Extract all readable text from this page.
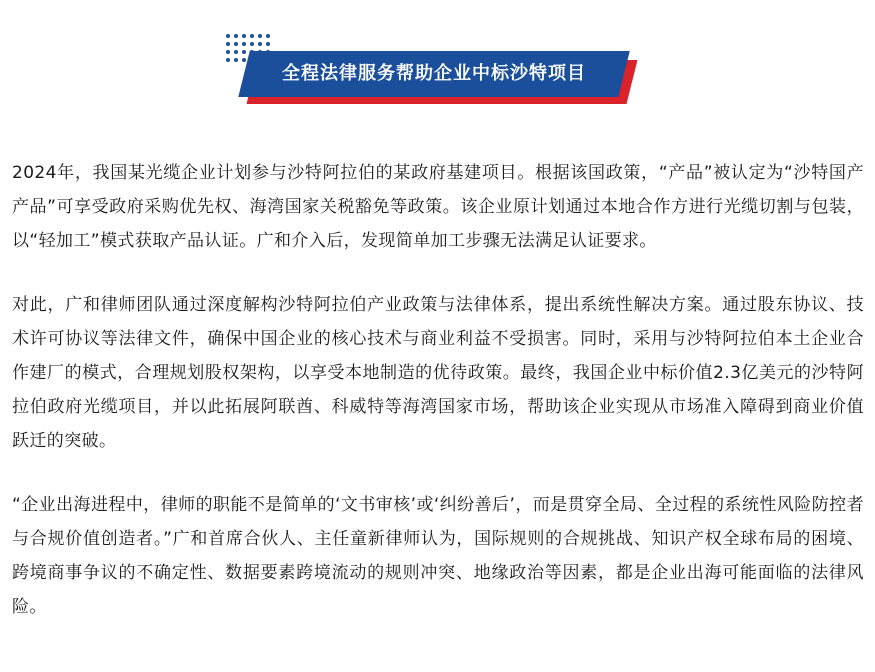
全程法律服务帮助企业中标沙特项目

2024年，我国某光缆企业计划参与沙特阿拉伯的某政府基建项目。根据该国政策，“产品”被认定为“沙特国产产品”可享受政府采购优先权、海湾国家关税豁免等政策。该企业原计划通过本地合作方进行光缆切割与包装，以“轻加工”模式获取产品认证。广和介入后，发现简单加工步骤无法满足认证要求。

对此，广和律师团队通过深度解构沙特阿拉伯产业政策与法律体系，提出系统性解决方案。通过股东协议、技术许可协议等法律文件，确保中国企业的核心技术与商业利益不受损害。同时，采用与沙特阿拉伯本土企业合作建厂的模式，合理规划股权架构，以享受本地制造的优待政策。最终，我国企业中标价值2.3亿美元的沙特阿拉伯政府光缆项目，并以此拓展阿联酋、科威特等海湾国家市场，帮助该企业实现从市场准入障碍到商业价值跃迁的突破。

“企业出海进程中，律师的职能不是简单的‘文书审核’或‘纠纷善后’，而是贯穿全局、全过程的系统性风险防控者与合规价值创造者。”广和首席合伙人、主任童新律师认为，国际规则的合规挑战、知识产权全球布局的困境、跨境商事争议的不确定性、数据要素跨境流动的规则冲突、地缘政治等因素，都是企业出海可能面临的法律风险。
